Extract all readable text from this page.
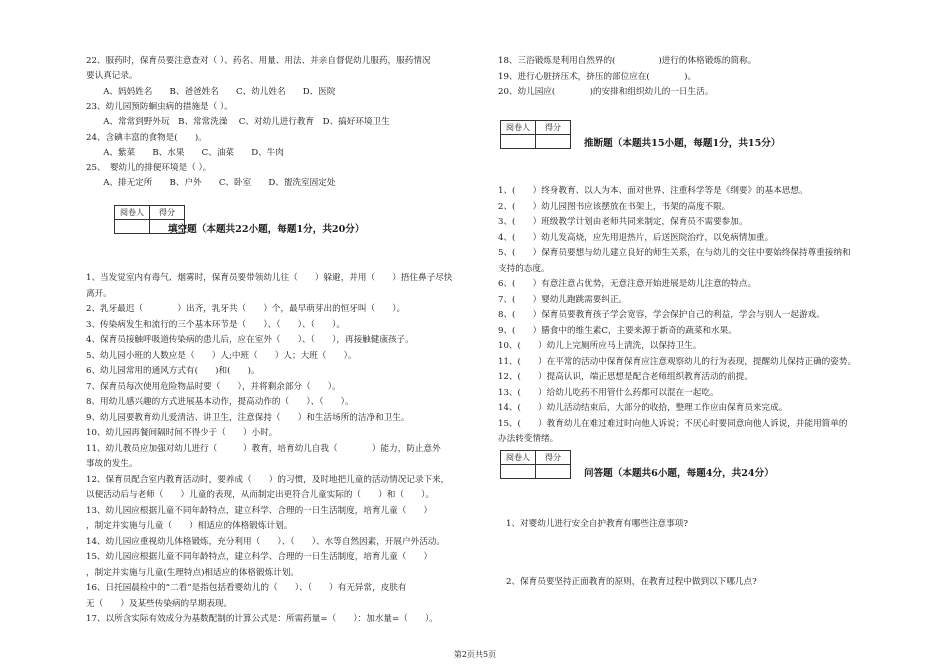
22、服药时，保育员要注意查对（ ）、药名、用量、用法、并亲自督促幼儿服药，服药情况
要认真记录。
　　A、妈妈姓名　　B、爸爸姓名　　C、幼儿姓名　　D、医院
23、幼儿园预防蛔虫病的措施是（ ）。
　　A、常常到野外玩　B、常常洗澡　 C、对幼儿进行教育　D、搞好环境卫生
24、含碘丰富的食物是(　　)。
　　A、紫菜　　B、水果　　C、油菜　　D、牛肉
25、　婴幼儿的排便环境是（ ）。
　　A、排无定所　　B、户外　　C、卧室　　D、盥洗室固定处
阅卷人	得分

填空题（本题共22小题，每题1分，共20分）
1、当发觉室内有毒气、烟雾时，保育员要带领幼儿往（　　）躲避，并用（　　）捂住鼻子尽快
离开。
2、乳牙最迟（　　　　）出齐，乳牙共（　　）个，最早萌芽出的恒牙叫（　　）。
3、传染病发生和流行的三个基本环节是（　　）、（　　）、（　　）。
4、保育员接触呼吸道传染病的患儿后，应在室外（　　）、（　　），再接触健康孩子。
5、幼儿园小班的人数应是（　　）人;中班（　　）人；大班（　　）。
6、幼儿园常用的通风方式有(　　)和(　　)。
7、保育员每次使用危险物品时要（　　），并将剩余部分（　　）。
8、用幼儿感兴趣的方式进展基本动作，提高动作的（　　）、（　　）。
9、幼儿园要教育幼儿爱清洁、讲卫生，注意保持（　　）和生活场所的洁净和卫生。
10、幼儿园再餐间隔时间不得少于（　　）小时。
11、幼儿教员应加强对幼儿进行（　　　）教育，培育幼儿自我（　　　　）能力，防止意外
事故的发生。
12、保育员配合室内教育活动时，要养成（　　）的习惯，及时地把儿童的活动情况记录下来，
以便活动后与老师（　　）儿童的表现，从而制定出更符合儿童实际的（　　）和（　　）。
13、幼儿园应根据儿童不同年龄特点，建立科学、合理的一日生活制度，培育儿童（　　）
，制定并实施与儿童（　　）相适应的体格锻炼计划。
14、幼儿园应重视幼儿体格锻炼，充分利用（　　）、（　　）、水等自然因素，开展户外活动。
15、幼儿园应根据儿童不同年龄特点，建立科学、合理的一日生活制度，培育儿童（　　）
，制定并实施与儿童(生理特点)相适应的体格锻炼计划。
16、日托园晨检中的“二看”是指包括看婴幼儿的（　　）、（　　）有无异常，皮肤有
无（　　）及某些传染病的早期表现。
17、以所含实际有效成分为基数配制的计算公式是：所需药量=（　　）：加水量=（　　）。
18、三浴锻炼是利用自然界的(　　　　　)进行的体格锻炼的简称。
19、进行心脏挤压术，挤压的部位应在(　　　　)。
20、幼儿园应(　　　　)的安排和组织幼儿的一日生活。
阅卷人	得分

推断题（本题共15小题，每题1分，共15分）
1、(　　）终身教育、以人为本、面对世界、注重科学等是《纲要》的基本思想。
2、(　　）幼儿园图书应该摆放在书架上，书架的高度不限。
3、(　　）班级教学计划由老师共同来制定，保育员不需要参加。
4、(　　）幼儿发高烧，应先用退热片，后送医院治疗，以免病情加重。
5、(　　）保育员要想与幼儿建立良好的师生关系，在与幼儿的交往中要始终保持尊重接纳和
支持的态度。
6、(　　）有意注意占优势，无意注意开始进展是幼儿注意的特点。
7、(　　）婴幼儿跑跳需要纠正。
8、(　　）保育员要教育孩子学会宽容，学会保护自己的利益，学会与别人一起游戏。
9、(　　）膳食中的维生素C，主要来源于新奇的蔬菜和水果。
10、(　　）幼儿上完厕所应马上清洗，以保持卫生。
11、(　　）在平常的活动中保育保育应注意观察幼儿的行为表现，提醒幼儿保持正确的姿势。
12、(　　）提高认识，端正思想是配合老师组织教育活动的前提。
13、(　　）给幼儿吃药不用管什么药都可以混在一起吃。
14、(　　）幼儿活动结束后，大部分的收拾，整理工作应由保育员来完成。
15、(　　）教育幼儿在难过难过时向他人诉说；不厌心时要同意向他人诉说，并能用简单的
办法转变情绪。
阅卷人	得分

问答题（本题共6小题，每题4分，共24分）
1、对婴幼儿进行安全自护教育有哪些注意事项?
2、保育员要坚持正面教育的原则，在教育过程中做到以下哪几点?
第2页共5页
